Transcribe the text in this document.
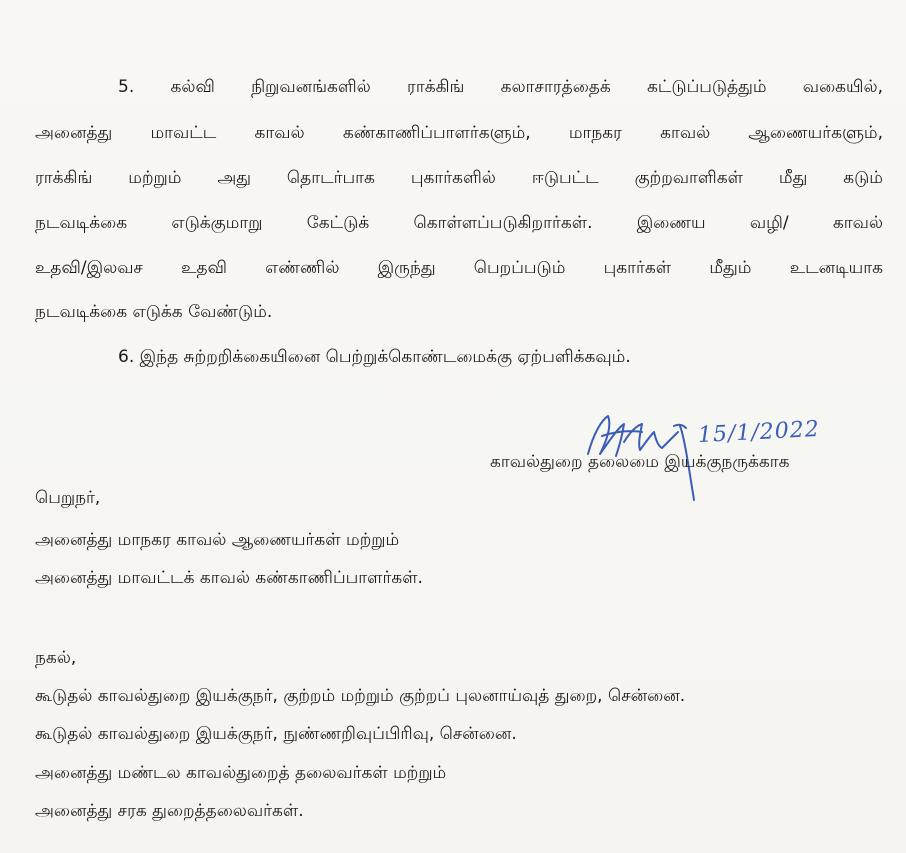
5. கல்வி நிறுவனங்களில் ராக்கிங் கலாசாரத்தைக் கட்டுப்படுத்தும் வகையில்,
அனைத்து மாவட்ட காவல் கண்காணிப்பாளர்களும், மாநகர காவல் ஆணையர்களும்,
ராக்கிங் மற்றும் அது தொடர்பாக புகார்களில் ஈடுபட்ட குற்றவாளிகள் மீது கடும்
நடவடிக்கை எடுக்குமாறு கேட்டுக் கொள்ளப்படுகிறார்கள். இணைய வழி/ காவல்
உதவி/இலவச உதவி எண்ணில் இருந்து பெறப்படும் புகார்கள் மீதும் உடனடியாக
நடவடிக்கை எடுக்க வேண்டும்.
6. இந்த சுற்றறிக்கையினை பெற்றுக்கொண்டமைக்கு ஏற்பளிக்கவும்.
15/1/2022
காவல்துறை தலைமை இயக்குநருக்காக
பெறுநர்,
அனைத்து மாநகர காவல் ஆணையர்கள் மற்றும்
அனைத்து மாவட்டக் காவல் கண்காணிப்பாளர்கள்.
நகல்,
கூடுதல் காவல்துறை இயக்குநர், குற்றம் மற்றும் குற்றப் புலனாய்வுத் துறை, சென்னை.
கூடுதல் காவல்துறை இயக்குநர், நுண்ணறிவுப்பிரிவு, சென்னை.
அனைத்து மண்டல காவல்துறைத் தலைவர்கள் மற்றும்
அனைத்து சரக துறைத்தலைவர்கள்.
